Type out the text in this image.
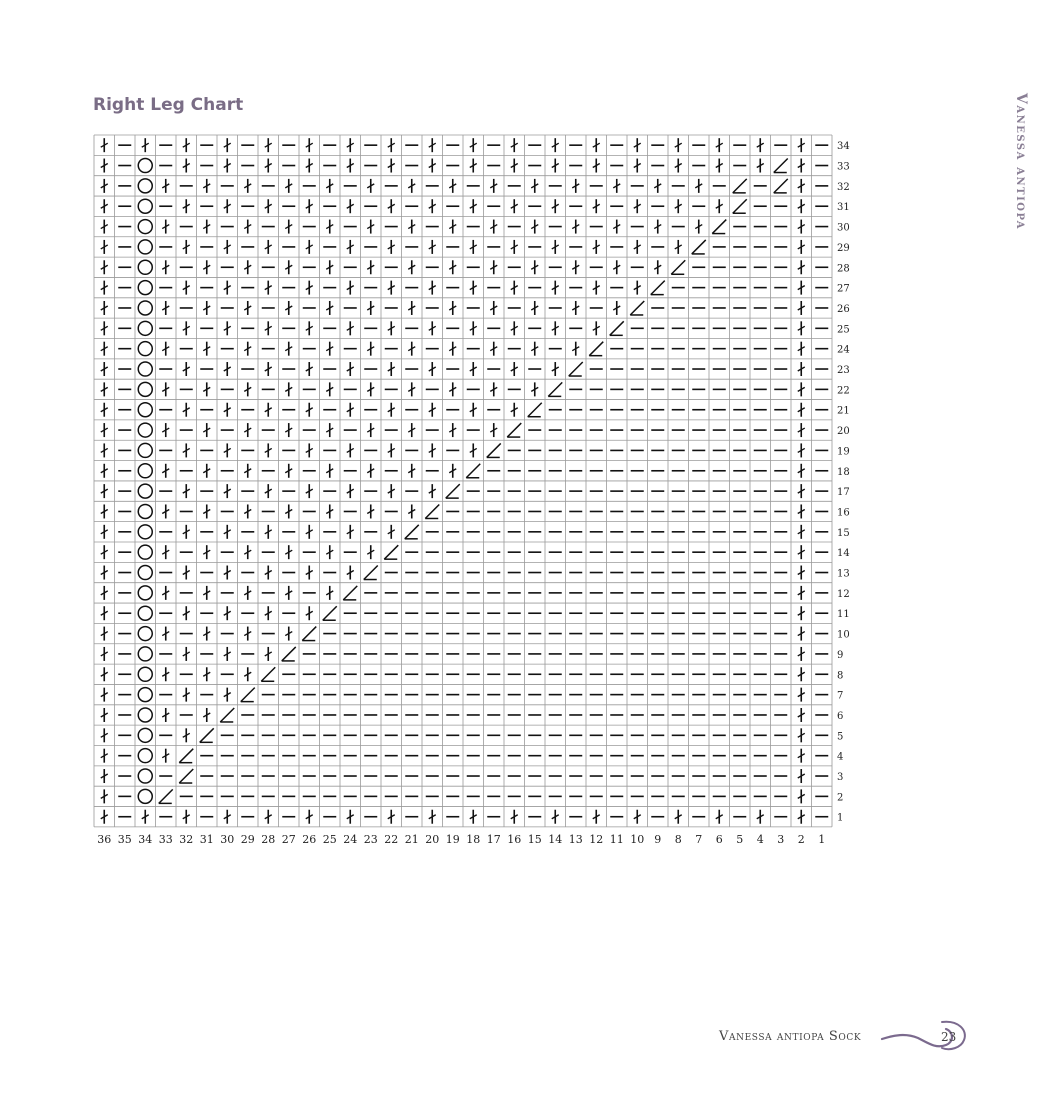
Right Leg Chart	Vanessa antiopa
34
33
32
31
30
29
28
27
26
25
24
23
22
21
20
19
18
17
16
15
14
13
12
11
10
9
8
7
6
5
4
3
2
1
36 35 34 33 32 31 30 29 28 27 26 25 24 23 22 21 20 19 18 17 16 15 14 13 12 11 10 9 8 7 6 5 4 3 2 1
Vanessa antiopa Sock	23
